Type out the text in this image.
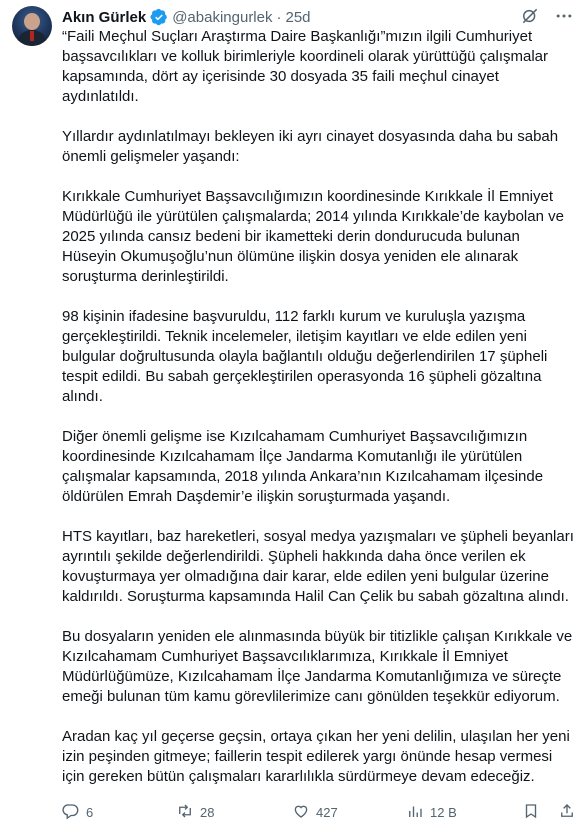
Akın Gürlek @abakingurlek · 25d

“Faili Meçhul Suçları Araştırma Daire Başkanlığı”mızın ilgili Cumhuriyet başsavcılıkları ve kolluk birimleriyle koordineli olarak yürüttüğü çalışmalar kapsamında, dört ay içerisinde 30 dosyada 35 faili meçhul cinayet aydınlatıldı.

Yıllardır aydınlatılmayı bekleyen iki ayrı cinayet dosyasında daha bu sabah önemli gelişmeler yaşandı:

Kırıkkale Cumhuriyet Başsavcılığımızın koordinesinde Kırıkkale İl Emniyet Müdürlüğü ile yürütülen çalışmalarda; 2014 yılında Kırıkkale’de kaybolan ve 2025 yılında cansız bedeni bir ikametteki derin dondurucuda bulunan Hüseyin Okumuşoğlu’nun ölümüne ilişkin dosya yeniden ele alınarak soruşturma derinleştirildi.

98 kişinin ifadesine başvuruldu, 112 farklı kurum ve kuruluşla yazışma gerçekleştirildi. Teknik incelemeler, iletişim kayıtları ve elde edilen yeni bulgular doğrultusunda olayla bağlantılı olduğu değerlendirilen 17 şüpheli tespit edildi. Bu sabah gerçekleştirilen operasyonda 16 şüpheli gözaltına alındı.

Diğer önemli gelişme ise Kızılcahamam Cumhuriyet Başsavcılığımızın koordinesinde Kızılcahamam İlçe Jandarma Komutanlığı ile yürütülen çalışmalar kapsamında, 2018 yılında Ankara’nın Kızılcahamam ilçesinde öldürülen Emrah Daşdemir’e ilişkin soruşturmada yaşandı.

HTS kayıtları, baz hareketleri, sosyal medya yazışmaları ve şüpheli beyanları ayrıntılı şekilde değerlendirildi. Şüpheli hakkında daha önce verilen ek kovuşturmaya yer olmadığına dair karar, elde edilen yeni bulgular üzerine kaldırıldı. Soruşturma kapsamında Halil Can Çelik bu sabah gözaltına alındı.

Bu dosyaların yeniden ele alınmasında büyük bir titizlikle çalışan Kırıkkale ve Kızılcahamam Cumhuriyet Başsavcılıklarımıza, Kırıkkale İl Emniyet Müdürlüğümüze, Kızılcahamam İlçe Jandarma Komutanlığımıza ve süreçte emeği bulunan tüm kamu görevlilerimize canı gönülden teşekkür ediyorum.

Aradan kaç yıl geçerse geçsin, ortaya çıkan her yeni delilin, ulaşılan her yeni izin peşinden gitmeye; faillerin tespit edilerek yargı önünde hesap vermesi için gereken bütün çalışmaları kararlılıkla sürdürmeye devam edeceğiz.

6	28	427	12 B
